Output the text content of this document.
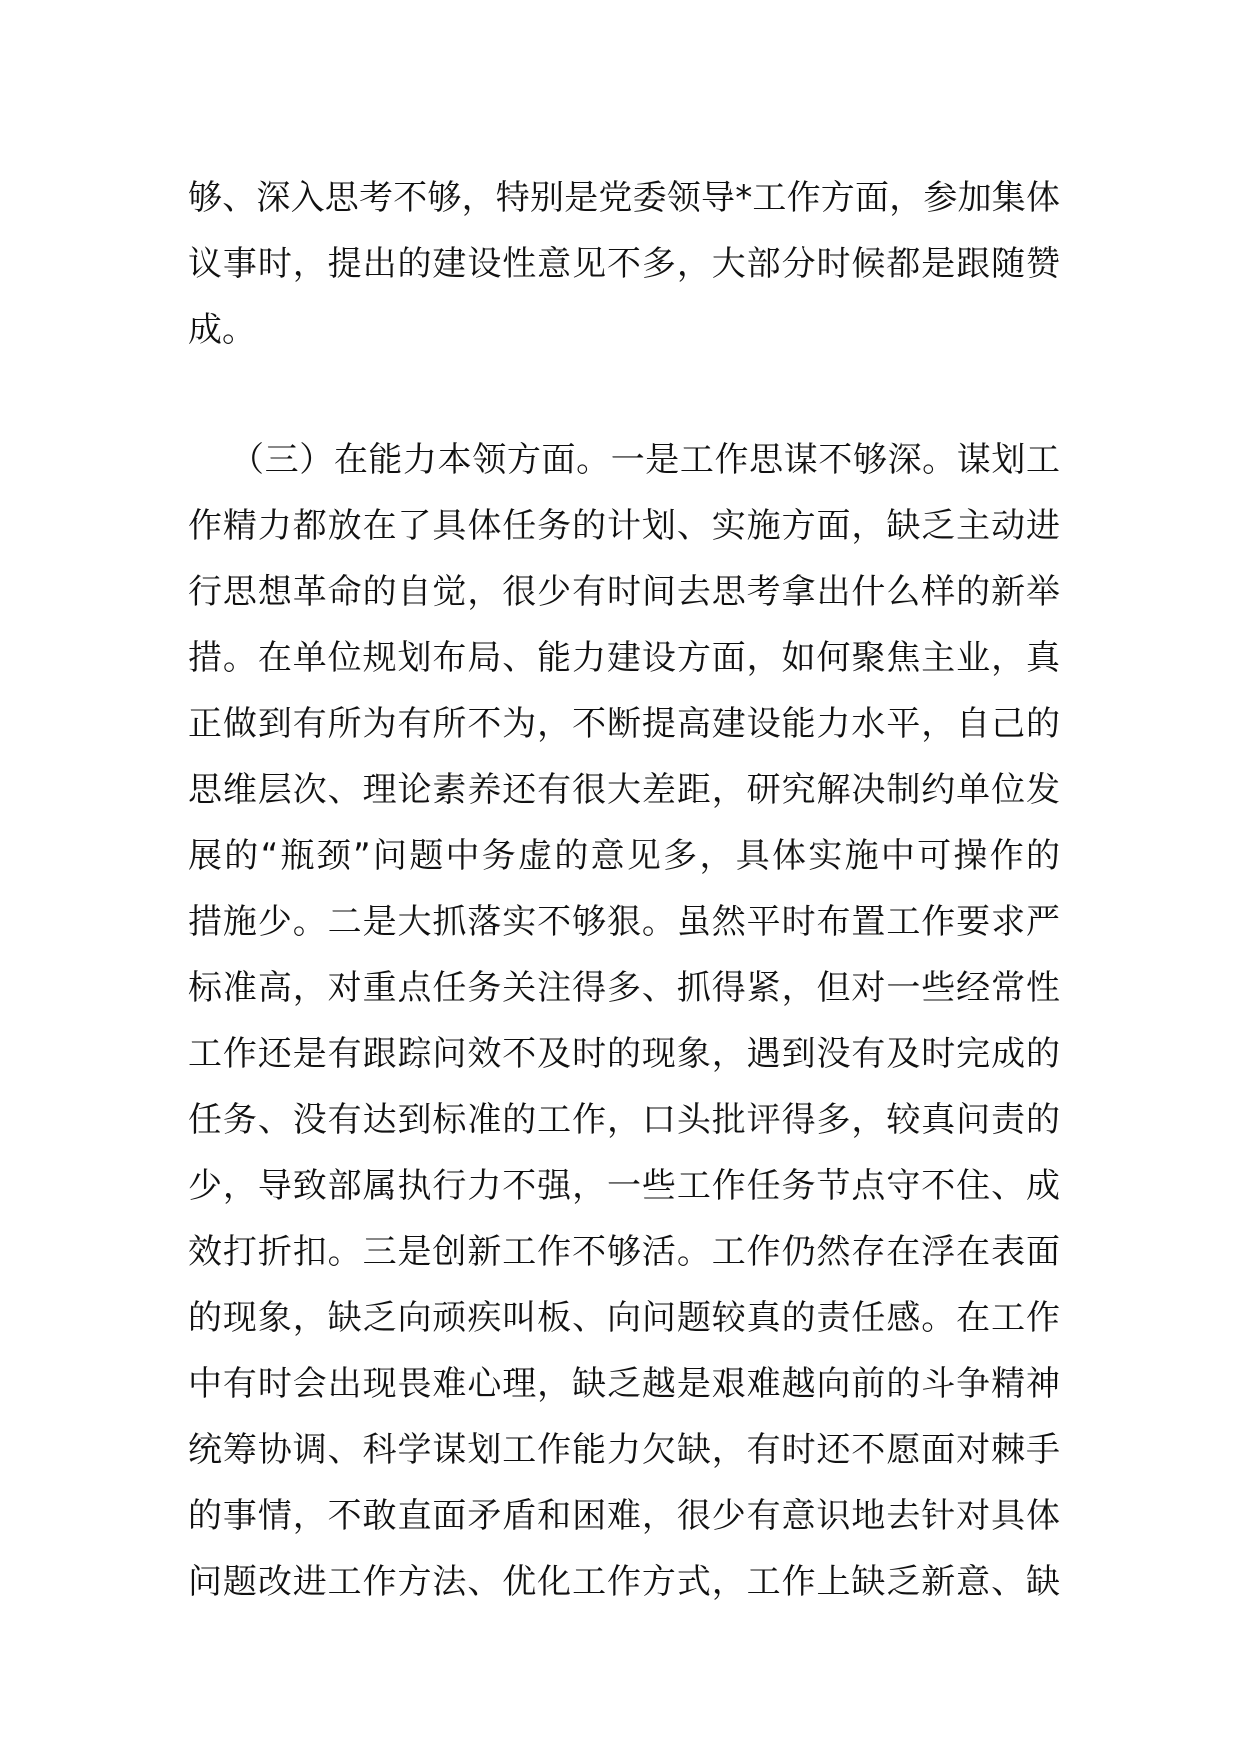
够、深入思考不够，特别是党委领导*工作方面，参加集体
议事时，提出的建设性意见不多，大部分时候都是跟随赞
成。
（三）在能力本领方面。一是工作思谋不够深。谋划工
作精力都放在了具体任务的计划、实施方面，缺乏主动进
行思想革命的自觉，很少有时间去思考拿出什么样的新举
措。在单位规划布局、能力建设方面，如何聚焦主业，真
正做到有所为有所不为，不断提高建设能力水平，自己的
思维层次、理论素养还有很大差距，研究解决制约单位发
展的“瓶颈”问题中务虚的意见多，具体实施中可操作的
措施少。二是大抓落实不够狠。虽然平时布置工作要求严
标准高，对重点任务关注得多、抓得紧，但对一些经常性
工作还是有跟踪问效不及时的现象，遇到没有及时完成的
任务、没有达到标准的工作，口头批评得多，较真问责的
少，导致部属执行力不强，一些工作任务节点守不住、成
效打折扣。三是创新工作不够活。工作仍然存在浮在表面
的现象，缺乏向顽疾叫板、向问题较真的责任感。在工作
中有时会出现畏难心理，缺乏越是艰难越向前的斗争精神
统筹协调、科学谋划工作能力欠缺，有时还不愿面对棘手
的事情，不敢直面矛盾和困难，很少有意识地去针对具体
问题改进工作方法、优化工作方式，工作上缺乏新意、缺
